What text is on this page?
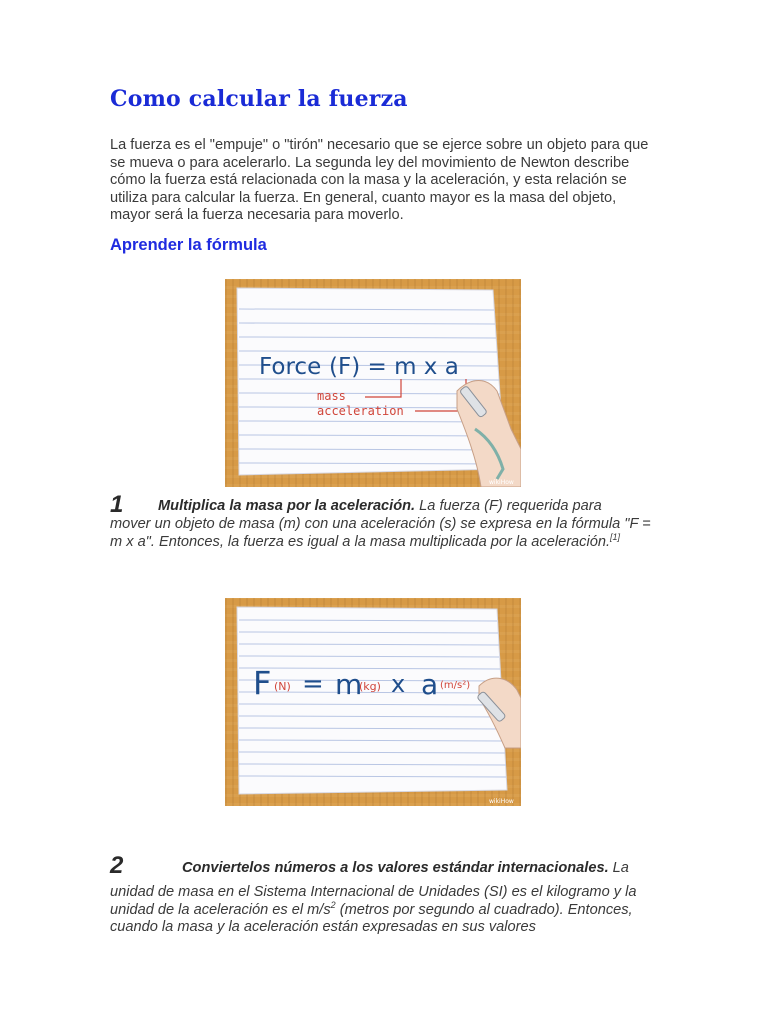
Como calcular la fuerza

La fuerza es el "empuje" o "tirón" necesario que se ejerce sobre un objeto para que se mueva o para acelerarlo. La segunda ley del movimiento de Newton describe cómo la fuerza está relacionada con la masa y la aceleración, y esta relación se utiliza para calcular la fuerza. En general, cuanto mayor es la masa del objeto, mayor será la fuerza necesaria para moverlo.

Aprender la fórmula
Force (F) = m x a
mass
acceleration
wikiHow
1 Multiplica la masa por la aceleración. La fuerza (F) requerida para
mover un objeto de masa (m) con una aceleración (s) se expresa en la fórmula "F = m x a". Entonces, la fuerza es igual a la masa multiplicada por la aceleración.[1]
F (N) = m
(kg) x a (m/s²)
wikiHow
2	Conviertelos números a los valores estándar internacionales. La
unidad de masa en el Sistema Internacional de Unidades (SI) es el kilogramo y la unidad de la aceleración es el $m/s^2$ (metros por segundo al cuadrado). Entonces, cuando la masa y la aceleración están expresadas en sus valores
